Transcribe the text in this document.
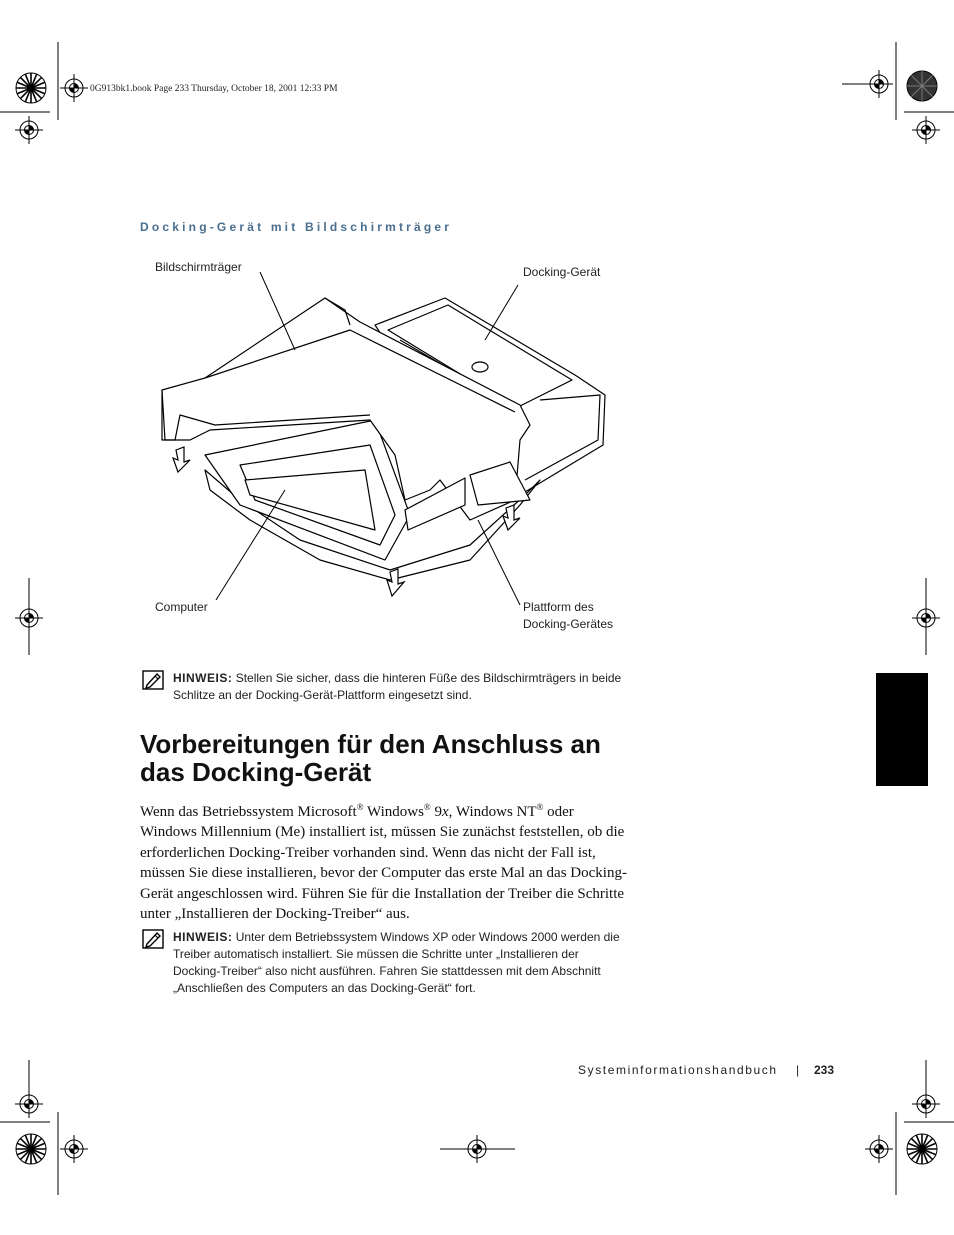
0G913bk1.book Page 233 Thursday, October 18, 2001 12:33 PM
Docking-Gerät mit Bildschirmträger
Bildschirmträger	Docking-Gerät
Computer	Plattform des
Docking-Gerätes
HINWEIS: Stellen Sie sicher, dass die hinteren Füße des Bildschirmträgers in beide Schlitze an der Docking-Gerät-Plattform eingesetzt sind.
Vorbereitungen für den Anschluss an
das Docking-Gerät
Wenn das Betriebssystem Microsoft® Windows® 9x, Windows NT® oder Windows Millennium (Me) installiert ist, müssen Sie zunächst feststellen, ob die erforderlichen Docking-Treiber vorhanden sind. Wenn das nicht der Fall ist, müssen Sie diese installieren, bevor der Computer das erste Mal an das Docking-Gerät angeschlossen wird. Führen Sie für die Installation der Treiber die Schritte unter „Installieren der Docking-Treiber“ aus.
HINWEIS: Unter dem Betriebssystem Windows XP oder Windows 2000 werden die Treiber automatisch installiert. Sie müssen die Schritte unter „Installieren der Docking-Treiber“ also nicht ausführen. Fahren Sie stattdessen mit dem Abschnitt „Anschließen des Computers an das Docking-Gerät“ fort.
Systeminformationshandbuch | 233
